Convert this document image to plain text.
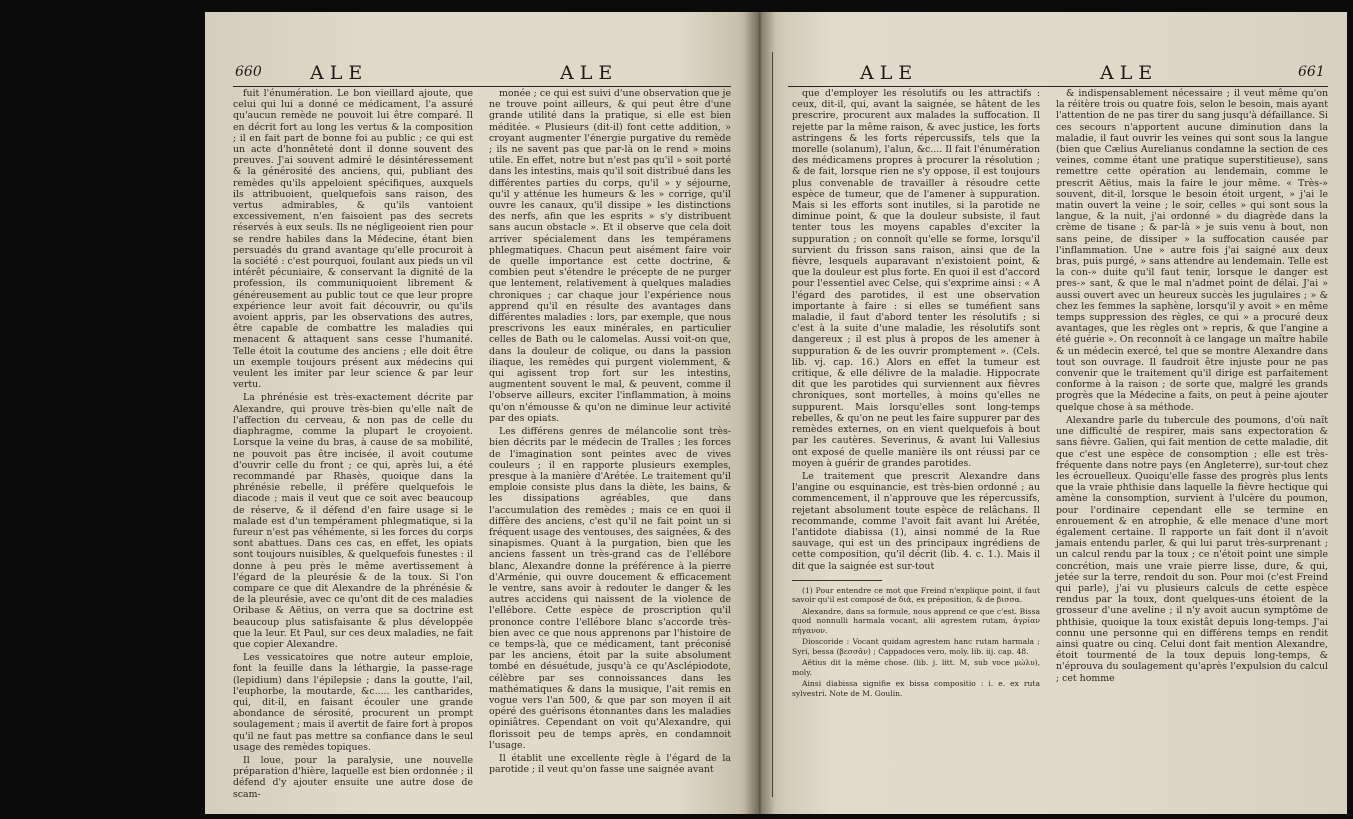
660	ALE	ALE

fuit l'énumération. Le bon vieillard ajoute, que celui qui lui a donné ce médicament, l'a assuré qu'aucun remède ne pouvoit lui être comparé. Il en décrit fort au long les vertus & la composition ; il en fait part de bonne foi au public ; ce qui est un acte d'honnêteté dont il donne souvent des preuves. J'ai souvent admiré le désintéressement & la générosité des anciens, qui, publiant des remèdes qu'ils appeloient spécifiques, auxquels ils attribuoient, quelquefois sans raison, des vertus admirables, & qu'ils vantoient excessivement, n'en faisoient pas des secrets réservés à eux seuls. Ils ne négligeoient rien pour se rendre habiles dans la Médecine, étant bien persuadés du grand avantage qu'elle procuroit à la société : c'est pourquoi, foulant aux pieds un vil intérêt pécuniaire, & conservant la dignité de la profession, ils communiquoient librement & généreusement au public tout ce que leur propre expérience leur avoit fait découvrir, ou qu'ils avoient appris, par les observations des autres, être capable de combattre les maladies qui menacent & attaquent sans cesse l'humanité. Telle étoit la coutume des anciens ; elle doit être un exemple toujours présent aux médecins qui veulent les imiter par leur science & par leur vertu.

La phrénésie est très-exactement décrite par Alexandre, qui prouve très-bien qu'elle naît de l'affection du cerveau, & non pas de celle du diaphragme, comme la plupart le croyoient. Lorsque la veine du bras, à cause de sa mobilité, ne pouvoit pas être incisée, il avoit coutume d'ouvrir celle du front ; ce qui, après lui, a été recommandé par Rhasès, quoique dans la phrénésie rebelle, il préfère quelquefois le diacode ; mais il veut que ce soit avec beaucoup de réserve, & il défend d'en faire usage si le malade est d'un tempérament phlegmatique, si la fureur n'est pas véhémente, si les forces du corps sont abattues. Dans ces cas, en effet, les opiats sont toujours nuisibles, & quelquefois funestes : il donne à peu près le même avertissement à l'égard de la pleurésie & de la toux. Si l'on compare ce que dit Alexandre de la phrénésie & de la pleurésie, avec ce qu'ont dit de ces maladies Oribase & Aëtius, on verra que sa doctrine est beaucoup plus satisfaisante & plus développée que la leur. Et Paul, sur ces deux maladies, ne fait que copier Alexandre.

Les vessicatoires que notre auteur emploie, font la feuille dans la léthargie, la passe-rage (lepidium) dans l'épilepsie ; dans la goutte, l'ail, l'euphorbe, la moutarde, &c..... les cantharides, qui, dit-il, en faisant écouler une grande abondance de sérosité, procurent un prompt soulagement ; mais il avertit de faire fort à propos qu'il ne faut pas mettre sa confiance dans le seul usage des remèdes topiques.

Il loue, pour la paralysie, une nouvelle préparation d'hière, laquelle est bien ordonnée ; il défend d'y ajouter ensuite une autre dose de scam-

monée ; ce qui est suivi d'une observation que je ne trouve point ailleurs, & qui peut être d'une grande utilité dans la pratique, si elle est bien méditée. « Plusieurs (dit-il) font cette addition, » croyant augmenter l'énergie purgative du remède ; ils ne savent pas que par-là on le rend » moins utile. En effet, notre but n'est pas qu'il » soit porté dans les intestins, mais qu'il soit distribué dans les différentes parties du corps, qu'il » y séjourne, qu'il y atténue les humeurs & les » corrige, qu'il ouvre les canaux, qu'il dissipe » les distinctions des nerfs, afin que les esprits » s'y distribuent sans aucun obstacle ». Et il observe que cela doit arriver spécialement dans les tempéramens phlegmatiques. Chacun peut aisément faire voir de quelle importance est cette doctrine, & combien peut s'étendre le précepte de ne purger que lentement, relativement à quelques maladies chroniques ; car chaque jour l'expérience nous apprend qu'il en résulte des avantages dans différentes maladies : lors, par exemple, que nous prescrivons les eaux minérales, en particulier celles de Bath ou le calomelas. Aussi voit-on que, dans la douleur de colique, ou dans la passion iliaque, les remèdes qui purgent violemment, & qui agissent trop fort sur les intestins, augmentent souvent le mal, & peuvent, comme il l'observe ailleurs, exciter l'inflammation, à moins qu'on n'émousse & qu'on ne diminue leur activité par des opiats.

Les différens genres de mélancolie sont très-bien décrits par le médecin de Tralles ; les forces de l'imagination sont peintes avec de vives couleurs ; il en rapporte plusieurs exemples, presque à la manière d'Arétée. Le traitement qu'il emploie consiste plus dans la diète, les bains, & les dissipations agréables, que dans l'accumulation des remèdes ; mais ce en quoi il diffère des anciens, c'est qu'il ne fait point un si fréquent usage des ventouses, des saignées, & des sinapismes. Quant à la purgation, bien que les anciens fassent un très-grand cas de l'ellébore blanc, Alexandre donne la préférence à la pierre d'Arménie, qui ouvre doucement & efficacement le ventre, sans avoir à redouter le danger & les autres accidens qui naissent de la violence de l'ellébore. Cette espèce de proscription qu'il prononce contre l'ellébore blanc s'accorde très-bien avec ce que nous apprenons par l'histoire de ce temps-là, que ce médicament, tant préconisé par les anciens, étoit par la suite absolument tombé en désuétude, jusqu'à ce qu'Asclépiodote, célèbre par ses connoissances dans les mathématiques & dans la musique, l'ait remis en vogue vers l'an 500, & que par son moyen il ait opéré des guérisons étonnantes dans les maladies opiniâtres. Cependant on voit qu'Alexandre, qui florissoit peu de temps après, en condamnoit l'usage.

Il établit une excellente règle à l'égard de la parotide ; il veut qu'on fasse une saignée avant

ALE	ALE	661

que d'employer les résolutifs ou les attractifs : ceux, dit-il, qui, avant la saignée, se hâtent de les prescrire, procurent aux malades la suffocation. Il rejette par la même raison, & avec justice, les forts astringens & les forts répercussifs, tels que la morelle (solanum), l'alun, &c.... Il fait l'énumération des médicamens propres à procurer la résolution ; & de fait, lorsque rien ne s'y oppose, il est toujours plus convenable de travailler à résoudre cette espèce de tumeur, que de l'amener à suppuration. Mais si les efforts sont inutiles, si la parotide ne diminue point, & que la douleur subsiste, il faut tenter tous les moyens capables d'exciter la suppuration ; on connoît qu'elle se forme, lorsqu'il survient du frisson sans raison, ainsi que de la fièvre, lesquels auparavant n'existoient point, & que la douleur est plus forte. En quoi il est d'accord pour l'essentiel avec Celse, qui s'exprime ainsi : « A l'égard des parotides, il est une observation importante à faire : si elles se tuméfient sans maladie, il faut d'abord tenter les résolutifs ; si c'est à la suite d'une maladie, les résolutifs sont dangereux ; il est plus à propos de les amener à suppuration & de les ouvrir promptement ». (Cels. lib. vj. cap. 16.) Alors en effet la tumeur est critique, & elle délivre de la maladie. Hippocrate dit que les parotides qui surviennent aux fièvres chroniques, sont mortelles, à moins qu'elles ne suppurent. Mais lorsqu'elles sont long-temps rebelles, & qu'on ne peut les faire suppurer par des remèdes externes, on en vient quelquefois à bout par les cautères. Severinus, & avant lui Vallesius ont exposé de quelle manière ils ont réussi par ce moyen à guérir de grandes parotides.

Le traitement que prescrit Alexandre dans l'angine ou esquinancie, est très-bien ordonné ; au commencement, il n'approuve que les répercussifs, rejetant absolument toute espèce de relâchans. Il recommande, comme l'avoit fait avant lui Arétée, l'antidote diabissa (1), ainsi nommé de la Rue sauvage, qui est un des principaux ingrédiens de cette composition, qu'il décrit (lib. 4. c. 1.). Mais il dit que la saignée est sur-tout

(1) Pour entendre ce mot que Freind n'explique point, il faut savoir qu'il est composé de διά, ex préposition, & de βισσα.

Alexandre, dans sa formule, nous apprend ce que c'est. Bissa quod nonnulli harmala vocant, alii agrestem rutam, ἀγρίαν πήγανον.

Dioscoride : Vocant quidam agrestem hanc rutam harmala ; Syri, bessa (βεσσᾶν) ; Cappadoces vero, moly. lib. iij. cap. 48.

Aëtius dit la même chose. (lib. j. litt. M, sub voce μώλυ), moly.

Ainsi diabissa signifie ex bissa compositio : i. e. ex ruta sylvestri. Note de M. Goulin.

& indispensablement nécessaire ; il veut même qu'on la réitère trois ou quatre fois, selon le besoin, mais ayant l'attention de ne pas tirer du sang jusqu'à défaillance. Si ces secours n'apportent aucune diminution dans la maladie, il faut ouvrir les veines qui sont sous la langue (bien que Cælius Aurelianus condamne la section de ces veines, comme étant une pratique superstitieuse), sans remettre cette opération au lendemain, comme le prescrit Aëtius, mais la faire le jour même. « Très-» souvent, dit-il, lorsque le besoin étoit urgent, » j'ai le matin ouvert la veine ; le soir, celles » qui sont sous la langue, & la nuit, j'ai ordonné » du diagrède dans la crème de tisane ; & par-là » je suis venu à bout, non sans peine, de dissiper » la suffocation causée par l'inflammation. Une » autre fois j'ai saigné aux deux bras, puis purgé, » sans attendre au lendemain. Telle est la con-» duite qu'il faut tenir, lorsque le danger est pres-» sant, & que le mal n'admet point de délai. J'ai » aussi ouvert avec un heureux succès les jugulaires ; » & chez les femmes la saphène, lorsqu'il y avoit » en même temps suppression des règles, ce qui » a procuré deux avantages, que les règles ont » repris, & que l'angine a été guérie ». On reconnoît à ce langage un maître habile & un médecin exercé, tel que se montre Alexandre dans tout son ouvrage. Il faudroit être injuste pour ne pas convenir que le traitement qu'il dirige est parfaitement conforme à la raison ; de sorte que, malgré les grands progrès que la Médecine a faits, on peut à peine ajouter quelque chose à sa méthode.

Alexandre parle du tubercule des poumons, d'où naît une difficulté de respirer, mais sans expectoration & sans fièvre. Galien, qui fait mention de cette maladie, dit que c'est une espèce de consomption ; elle est très-fréquente dans notre pays (en Angleterre), sur-tout chez les écrouelleux. Quoiqu'elle fasse des progrès plus lents que la vraie phthisie dans laquelle la fièvre hectique qui amène la consomption, survient à l'ulcère du poumon, pour l'ordinaire cependant elle se termine en enrouement & en atrophie, & elle menace d'une mort également certaine. Il rapporte un fait dont il n'avoit jamais entendu parler, & qui lui parut très-surprenant ; un calcul rendu par la toux ; ce n'étoit point une simple concrétion, mais une vraie pierre lisse, dure, & qui, jetée sur la terre, rendoit du son. Pour moi (c'est Freind qui parle), j'ai vu plusieurs calculs de cette espèce rendus par la toux, dont quelques-uns étoient de la grosseur d'une aveline ; il n'y avoit aucun symptôme de phthisie, quoique la toux existât depuis long-temps. J'ai connu une personne qui en différens temps en rendit ainsi quatre ou cinq. Celui dont fait mention Alexandre, étoit tourmenté de la toux depuis long-temps, & n'éprouva du soulagement qu'après l'expulsion du calcul ; cet homme
